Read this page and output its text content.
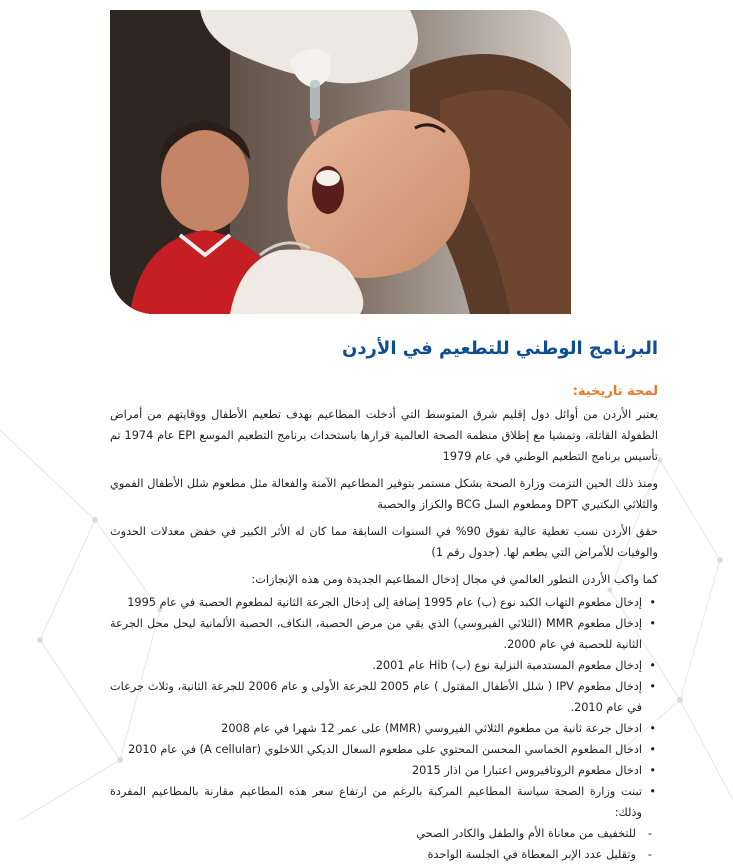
البرنامج الوطني للتطعيم في الأردن
لمحة تاريخية:

يعتبر الأردن من أوائل دول إقليم شرق المتوسط التي أدخلت المطاعيم بهدف تطعيم الأطفال ووقايتهم من أمراض الطفولة القاتلة، وتمشيا مع إطلاق منظمة الصحة العالمية قرارها باستحداث برنامج التطعيم الموسع EPI عام 1974 تم تأسيس برنامج التطعيم الوطني في عام 1979

ومنذ ذلك الحين التزمت وزارة الصحة بشكل مستمر بتوفير المطاعيم الآمنة والفعالة مثل مطعوم شلل الأطفال الفموي والثلاثي البكتيري DPT ومطعوم السل BCG والكزاز والحصبة

حقق الأردن نسب تغطية عالية تفوق 90% في السنوات السابقة مما كان له الأثر الكبير في خفض معدلات الحدوث والوفيات للأمراض التي يطعم لها. (جدول رقم 1)

كما واكب الأردن التطور العالمي في مجال إدخال المطاعيم الجديدة ومن هذه الإنجازات:

• إدخال مطعوم التهاب الكبد نوع (ب) عام 1995 إضافة إلى إدخال الجرعة الثانية لمطعوم الحصبة في عام 1995
• إدخال مطعوم MMR (الثلاثي الفيروسي) الذي يقي من مرض الحصبة، النكاف، الحصبة الألمانية ليحل محل الجرعة الثانية للحصبة في عام 2000.
• إدخال مطعوم المستدمية النزلية نوع (ب) Hib عام 2001.
• إدخال مطعوم IPV ( شلل الأطفال المقتول ) عام 2005 للجرعة الأولى و عام 2006 للجرعة الثانية، وثلاث جرعات في عام 2010.
• ادخال جرعة ثانية من مطعوم الثلاثي الفيروسي (MMR) على عمر 12 شهرا في عام 2008
• ادخال المطعوم الخماسي المحسن المحتوي على مطعوم السعال الديكي اللاخلوي (A cellular) في عام 2010
• ادخال مطعوم الروتافيروس اعتبارا من اذار 2015
• تبنت وزارة الصحة سياسة المطاعيم المركبة بالرغم من ارتفاع سعر هذه المطاعيم مقارنة بالمطاعيم المفردة وذلك:
- للتخفيف من معاناة الأم والطفل والكادر الصحي
- وتقليل عدد الإبر المعطاة في الجلسة الواحدة
